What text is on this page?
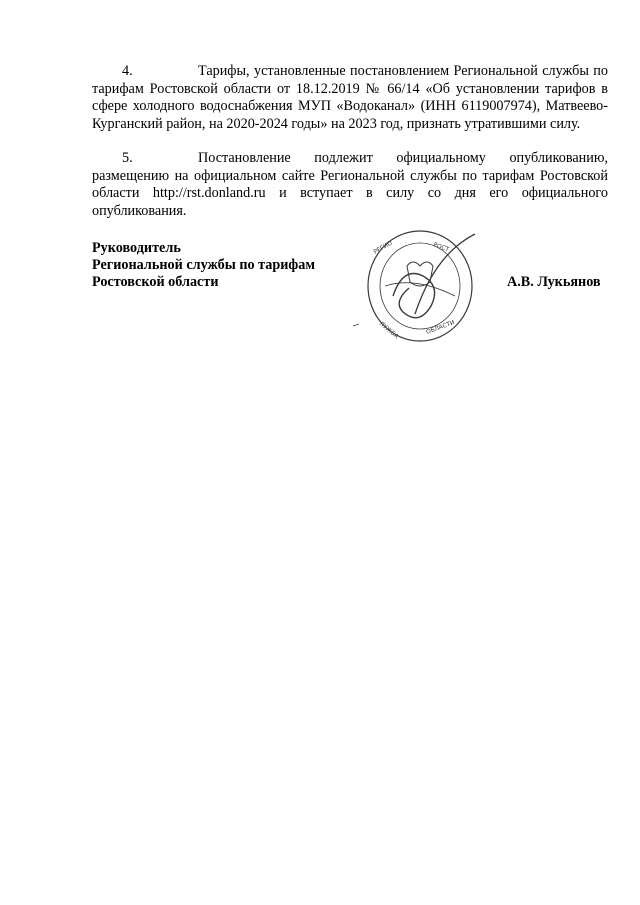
4.	Тарифы, установленные постановлением Региональной службы по тарифам Ростовской области от 18.12.2019 № 66/14 «Об установлении тарифов в сфере холодного водоснабжения МУП «Водоканал» (ИНН 6119007974), Матвеево-Курганский район, на 2020-2024 годы» на 2023 год, признать утратившими силу.

5.	Постановление подлежит официальному опубликованию, размещению на официальном сайте Региональной службы по тарифам Ростовской области http://rst.donland.ru и вступает в силу со дня его официального опубликования.

Руководитель
Региональной службы по тарифам
Ростовской области
РЕГИО	РОСТ
ЛУЖБА	ОБЛАСТИ
А.В. Лукьянов
